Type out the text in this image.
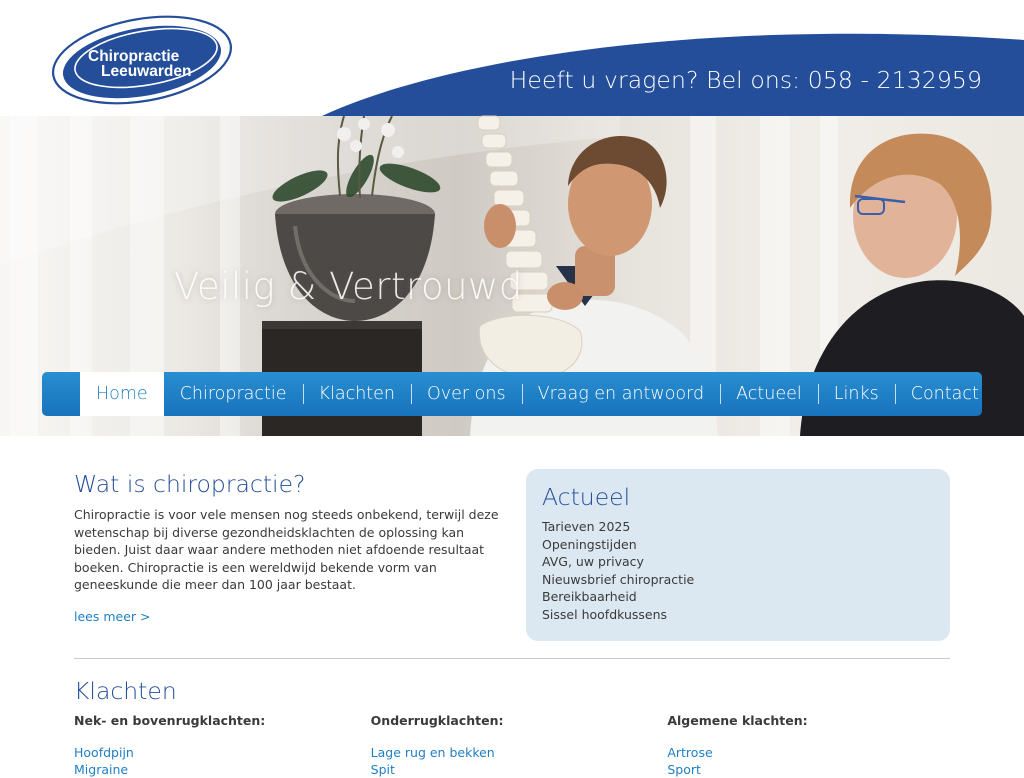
Chiropractie
Leeuwarden	Heeft u vragen? Bel ons: 058 - 2132959
Veilig & Vertrouwd
Home Chiropractie Klachten Over ons Vraag en antwoord Actueel Links Contact
Wat is chiropractie?

Chiropractie is voor vele mensen nog steeds onbekend, terwijl deze wetenschap bij diverse gezondheidsklachten de oplossing kan bieden. Juist daar waar andere methoden niet afdoende resultaat boeken. Chiropractie is een wereldwijd bekende vorm van geneeskunde die meer dan 100 jaar bestaat.

lees meer >
Actueel
Tarieven 2025
Openingstijden
AVG, uw privacy
Nieuwsbrief chiropractie
Bereikbaarheid
Sissel hoofdkussens
Klachten
Nek- en bovenrugklachten:
Hoofdpijn
Migraine
Onderrugklachten:
Lage rug en bekken
Spit
Algemene klachten:
Artrose
Sport
